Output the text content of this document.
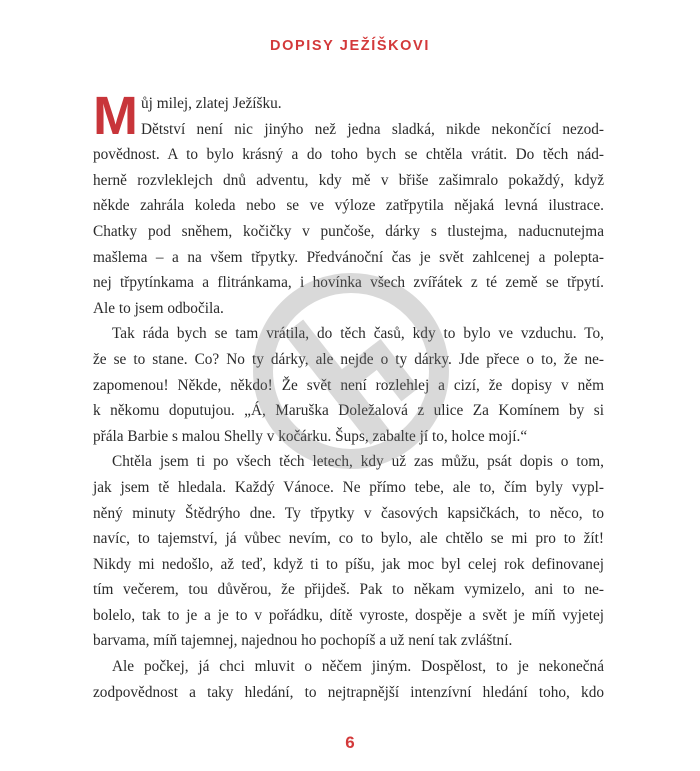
DOPISY JEŽÍŠKOVI
M ůj milej, zlatej Ježíšku.
Dětství není nic jinýho než jedna sladká, nikde nekončící nezod-
povědnost. A to bylo krásný a do toho bych se chtěla vrátit. Do těch nád-
herně rozvleklejch dnů adventu, kdy mě v břiše zašimralo pokaždý, když
někde zahrála koleda nebo se ve výloze zatřpytila nějaká levná ilustrace.
Chatky pod sněhem, kočičky v punčoše, dárky s tlustejma, naducnutejma
mašlema – a na všem třpytky. Předvánoční čas je svět zahlcenej a polepta-
nej třpytínkama a flitránkama, i hovínka všech zvířátek z té země se třpytí.
Ale to jsem odbočila.
Tak ráda bych se tam vrátila, do těch časů, kdy to bylo ve vzduchu. To,
že se to stane. Co? No ty dárky, ale nejde o ty dárky. Jde přece o to, že ne-
zapomenou! Někde, někdo! Že svět není rozlehlej a cizí, že dopisy v něm
k někomu doputujou. „Á, Maruška Doležalová z ulice Za Komínem by si
přála Barbie s malou Shelly v kočárku. Šups, zabalte jí to, holce mojí.“
Chtěla jsem ti po všech těch letech, kdy už zas můžu, psát dopis o tom,
jak jsem tě hledala. Každý Vánoce. Ne přímo tebe, ale to, čím byly vypl-
něný minuty Štědrýho dne. Ty třpytky v časových kapsičkách, to něco, to
navíc, to tajemství, já vůbec nevím, co to bylo, ale chtělo se mi pro to žít!
Nikdy mi nedošlo, až teď, když ti to píšu, jak moc byl celej rok definovanej
tím večerem, tou důvěrou, že přijdeš. Pak to někam vymizelo, ani to ne-
bolelo, tak to je a je to v pořádku, dítě vyroste, dospěje a svět je míň vyjetej
barvama, míň tajemnej, najednou ho pochopíš a už není tak zvláštní.
Ale počkej, já chci mluvit o něčem jiným. Dospělost, to je nekonečná
zodpovědnost a taky hledání, to nejtrapnější intenzívní hledání toho, kdo
6
